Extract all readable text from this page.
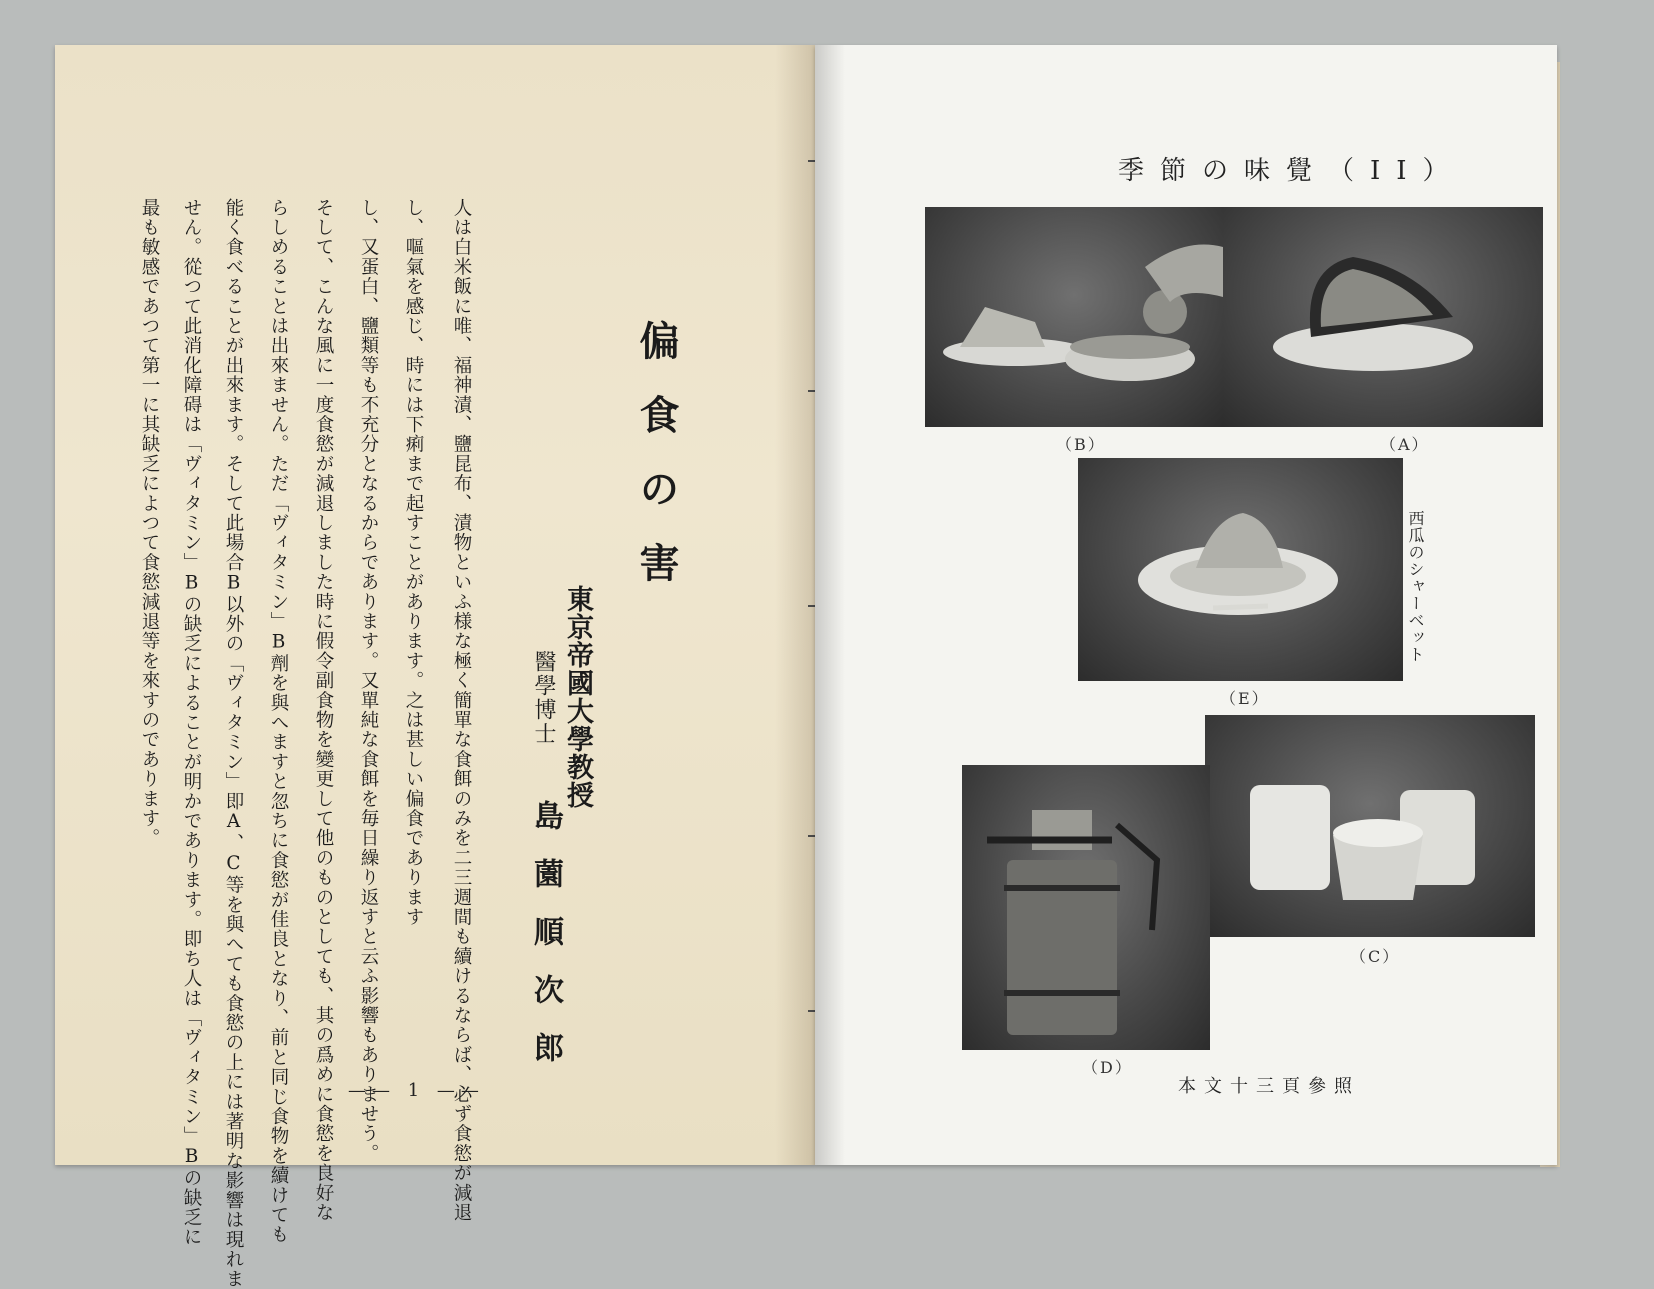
偏食の害
東京帝國大學教授
醫學博士
島薗順次郎
人は白米飯に唯、福神漬、鹽昆布、漬物といふ様な極く簡單な食餌のみを二三週間も續けるならば、必ず食慾が減退
し、嘔氣を感じ、時には下痢まで起すことがあります。之は甚しい偏食であります
し、又蛋白、鹽類等も不充分となるからであります。又單純な食餌を毎日繰り返すと云ふ影響もありませう。
そして、こんな風に一度食慾が減退しました時に假令副食物を變更して他のものとしても、其の爲めに食慾を良好な
らしめることは出來ません。ただ「ヴィタミン」B劑を與へますと忽ちに食慾が佳良となり、前と同じ食物を續けても
能く食べることが出來ます。そして此場合B以外の「ヴィタミン」即A、C等を與へても食慾の上には著明な影響は現れま
せん。從つて此消化障碍は「ヴィタミン」Bの缺乏によることが明かであります。即ち人は「ヴィタミン」Bの缺乏に
最も敏感であつて第一に其缺乏によつて食慾減退等を來すのであります。
—— 1 ——
季節の味覺（II）
（B）	（A）
西瓜のシャーベット
（E）
（C）
（D）
本文十三頁參照
